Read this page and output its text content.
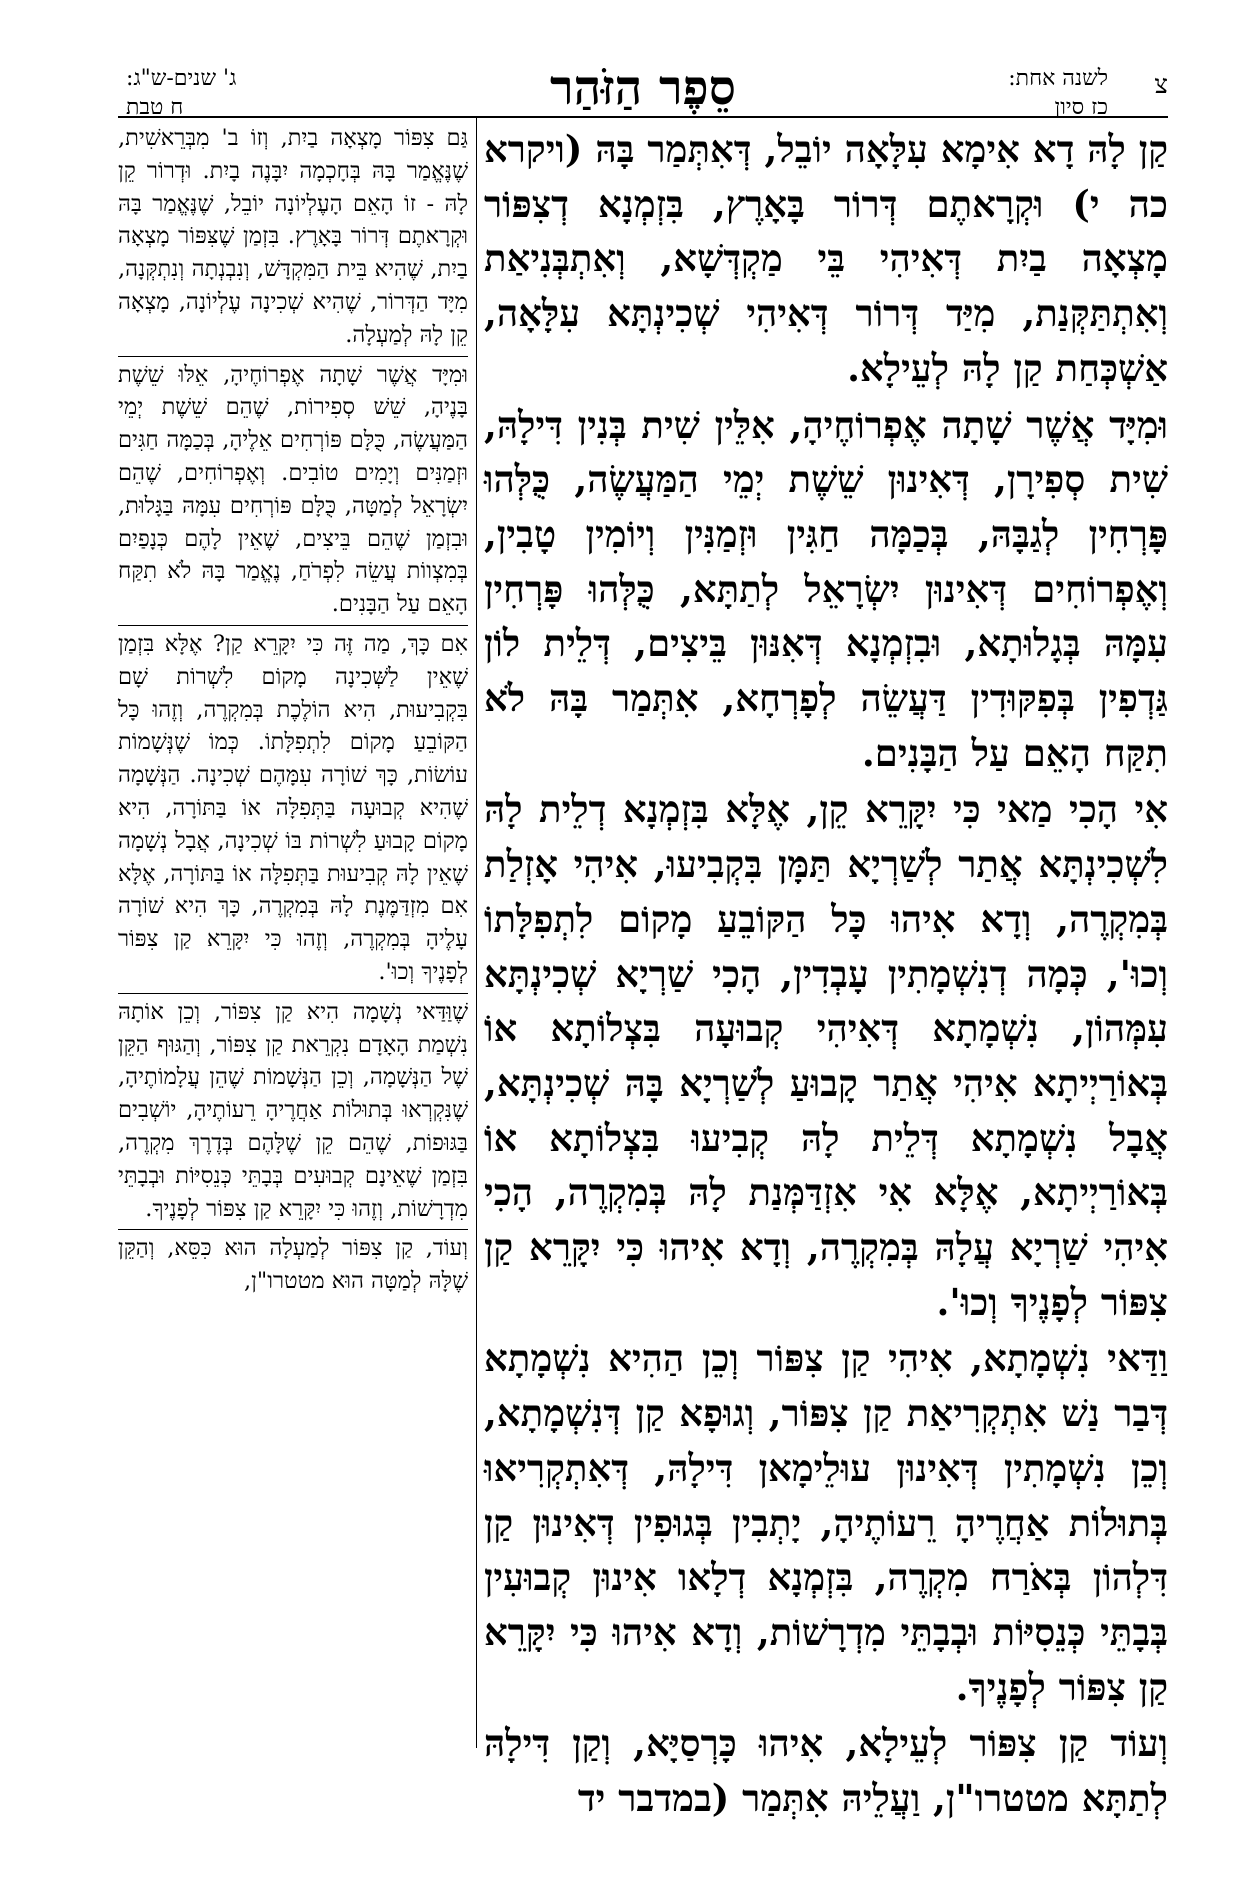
צ
לשנה אחת:
כז סיון
סֵפֶר הַזֹּהַר
ג' שנים-ש"ג:
ח טבת

קַן לָהּ דָא אִימָא עִלָּאָה יוֹבֵל, דְּאִתְּמַר בָּהּ (ויקרא כה י) וּקְרָאתֶם דְּרוֹר בָּאָרֶץ, בִּזְמְנָא דְצִפּוֹר מָצְאָה בַיִת דְּאִיהִי בֵּי מַקְדְּשָׁא, וְאִתְבְּנִיאַת וְאִתְתַּקְּנַת, מִיַּד דְּרוֹר דְּאִיהִי שְׁכִינְתָּא עִלָּאָה, אַשְׁכְּחַת קַן לָהּ לְעֵילָא.

וּמִיָּד אֲשֶׁר שָׁתָה אֶפְרוֹחֶיהָ, אִלֵּין שִׁית בְּנִין דִּילָהּ, שִׁית סְפִירָן, דְּאִינוּן שֵׁשֶׁת יְמֵי הַמַּעֲשֶׂה, כֻּלְּהוּ פָּרְחִין לְגַבָּהּ, בְּכַמָּה חַגִּין וּזְמַנִּין וְיוֹמִין טָבִין, וְאֶפְרוֹחִים דְּאִינוּן יִשְׂרָאֵל לְתַתָּא, כֻּלְּהוּ פָּרְחִין עִמָּהּ בְּגָלוּתָא, וּבִזְמְנָא דְּאִנּוּן בֵּיצִים, דְּלֵית לוֹן גַּדְפִין בְּפִקּוּדִין דַּעֲשֵׂה לְפָרְחָא, אִתְּמַר בָּהּ לֹא תִקַּח הָאֵם עַל הַבָּנִים.

אִי הָכִי מַאי כִּי יִקָּרֵא קֵן, אֶלָּא בִּזְמְנָא דְלֵית לָהּ לִשְׁכִינְתָּא אֲתַר לְשַׁרְיָא תַּמָּן בִּקְבִיעוּ, אִיהִי אָזְלַת בְּמִקְרֶה, וְדָא אִיהוּ כָּל הַקּוֹבֵעַ מָקוֹם לִתְפִלָּתוֹ וְכוּ', כְּמָה דְנִשְׁמָתִין עָבְדִין, הָכִי שַׁרְיָא שְׁכִינְתָּא עִמְּהוֹן, נִשְׁמָתָא דְּאִיהִי קְבוּעָה בִּצְלוֹתָא אוֹ בְּאוֹרַיְיתָא אִיהִי אֲתַר קָבוּעַ לְשַׁרְיָא בָּהּ שְׁכִינְתָּא, אֲבָל נִשְׁמָתָא דְּלֵית לָהּ קְבִיעוּ בִּצְלוֹתָא אוֹ בְּאוֹרַיְיתָא, אֶלָּא אִי אִזְדַּמְּנַת לָהּ בְּמִקְרֶה, הָכִי אִיהִי שַׁרְיָא עֲלָהּ בְּמִקְרֶה, וְדָא אִיהוּ כִּי יִקָּרֵא קַן צִפּוֹר לְפָנֶיךָ וְכוּ'.

וַדַּאי נִשְׁמָתָא, אִיהִי קַן צִפּוֹר וְכֵן הַהִיא נִשְׁמָתָא דְּבַר נַשׁ אִתְקְרִיאַת קַן צִפּוֹר, וְגוּפָא קַן דְּנִשְׁמָתָא, וְכֵן נִשְׁמָתִין דְּאִינוּן עוּלֵימָאן דִּילָהּ, דְּאִתְקְרִיאוּ בְּתוּלוֹת אַחֲרֶיהָ רֵעוֹתֶיהָ, יָתְבִין בְּגוּפִין דְּאִינוּן קַן דִּלְהוֹן בְּאֹרַח מִקְרֶה, בִּזְמְנָא דְלָאו אִינוּן קְבוּעִין בְּבָתֵּי כְּנֵסִיּוֹת וּבְבָתֵּי מִדְרָשׁוֹת, וְדָא אִיהוּ כִּי יִקָּרֵא קַן צִפּוֹר לְפָנֶיךָ.

וְעוֹד קַן צִפּוֹר לְעֵילָא, אִיהוּ כָּרְסַיָּא, וְקַן דִּילָהּ לְתַתָּא מטטרו"ן, וַעֲלֵיהּ אִתְּמַר (במדבר יד

גַּם צִפּוֹר מָצְאָה בַיִת, וְזוֹ ב' מִבְּרֵאשִׁית, שֶׁנֶּאֱמַר בָּהּ בְּחָכְמָה יִבָּנֶה בָיִת. וּדְרוֹר קֵן לָהּ - זוֹ הָאֵם הָעֶלְיוֹנָה יוֹבֵל, שֶׁנֶּאֱמַר בָּהּ וּקְרָאתֶם דְּרוֹר בָּאָרֶץ. בִּזְמַן שֶׁצִּפּוֹר מָצְאָה בַיִת, שֶׁהִיא בֵּית הַמִּקְדָּשׁ, וְנִבְנְתָה וְנִתְקְּנָה, מִיָּד הַדְּרוֹר, שֶׁהִיא שְׁכִינָה עֶלְיוֹנָה, מָצְאָה קֵן לָהּ לְמַעְלָה.

וּמִיָּד אֲשֶׁר שָׁתָה אֶפְרוֹחֶיהָ, אֵלּוּ שֵׁשֶׁת בָּנֶיהָ, שֵׁשׁ סְפִירוֹת, שֶׁהֵם שֵׁשֶׁת יְמֵי הַמַּעֲשֶׂה, כֻּלָּם פּוֹרְחִים אֵלֶיהָ, בְּכַמָּה חַגִּים וּזְמַנִּים וְיָמִים טוֹבִים. וְאֶפְרוֹחִים, שֶׁהֵם יִשְׂרָאֵל לְמַטָּה, כֻּלָּם פּוֹרְחִים עִמָּהּ בַּגָּלוּת, וּבִזְמַן שֶׁהֵם בֵּיצִים, שֶׁאֵין לָהֶם כְּנָפַיִם בְּמִצְווֹת עֲשֵׂה לִפְרֹחַ, נֶאֱמַר בָּהּ לֹא תִקַּח הָאֵם עַל הַבָּנִים.

אִם כָּךְ, מַה זֶּה כִּי יִקָּרֵא קַן? אֶלָּא בִּזְמַן שֶׁאֵין לַשְּׁכִינָה מָקוֹם לִשְׁרוֹת שָׁם בִּקְבִיעוּת, הִיא הוֹלֶכֶת בְּמִקְרֶה, וְזֶהוּ כָּל הַקּוֹבֵעַ מָקוֹם לִתְפִלָּתוֹ. כְּמוֹ שֶׁנְּשָׁמוֹת עוֹשׂוֹת, כָּךְ שׁוֹרָה עִמָּהֶם שְׁכִינָה. הַנְּשָׁמָה שֶׁהִיא קְבוּעָה בַּתְּפִלָּה אוֹ בַּתּוֹרָה, הִיא מָקוֹם קָבוּעַ לִשְׁרוֹת בּוֹ שְׁכִינָה, אֲבָל נְשָׁמָה שֶׁאֵין לָהּ קְבִיעוּת בַּתְּפִלָּה אוֹ בַּתּוֹרָה, אֶלָּא אִם מִזְדַּמֶּנֶת לָהּ בְּמִקְרֶה, כָּךְ הִיא שׁוֹרָה עָלֶיהָ בְּמִקְרֶה, וְזֶהוּ כִּי יִקָּרֵא קַן צִפּוֹר לְפָנֶיךָ וְכוּ'.

שֶׁוַּדַּאי נְשָׁמָה הִיא קַן צִפּוֹר, וְכֵן אוֹתָהּ נִשְׁמַת הָאָדָם נִקְרֵאת קַן צִפּוֹר, וְהַגּוּף הַקֵּן שֶׁל הַנְּשָׁמָה, וְכֵן הַנְּשָׁמוֹת שֶׁהֵן עֲלָמוֹתֶיהָ, שֶׁנִּקְרְאוּ בְּתוּלוֹת אַחֲרֶיהָ רֵעוֹתֶיהָ, יוֹשְׁבִים בַּגּוּפוֹת, שֶׁהֵם קֵן שֶׁלָּהֶם בְּדֶרֶךְ מִקְרֶה, בִּזְמַן שֶׁאֵינָם קְבוּעִים בְּבָתֵּי כְּנֵסִיּוֹת וּבְבָתֵּי מִדְרָשׁוֹת, וְזֶהוּ כִּי יִקָּרֵא קַן צִפּוֹר לְפָנֶיךָ.

וְעוֹד, קַן צִפּוֹר לְמַעְלָה הוּא כִּסֵּא, וְהַקֵּן שֶׁלָּהּ לְמַטָּה הוּא מטטרו"ן,
